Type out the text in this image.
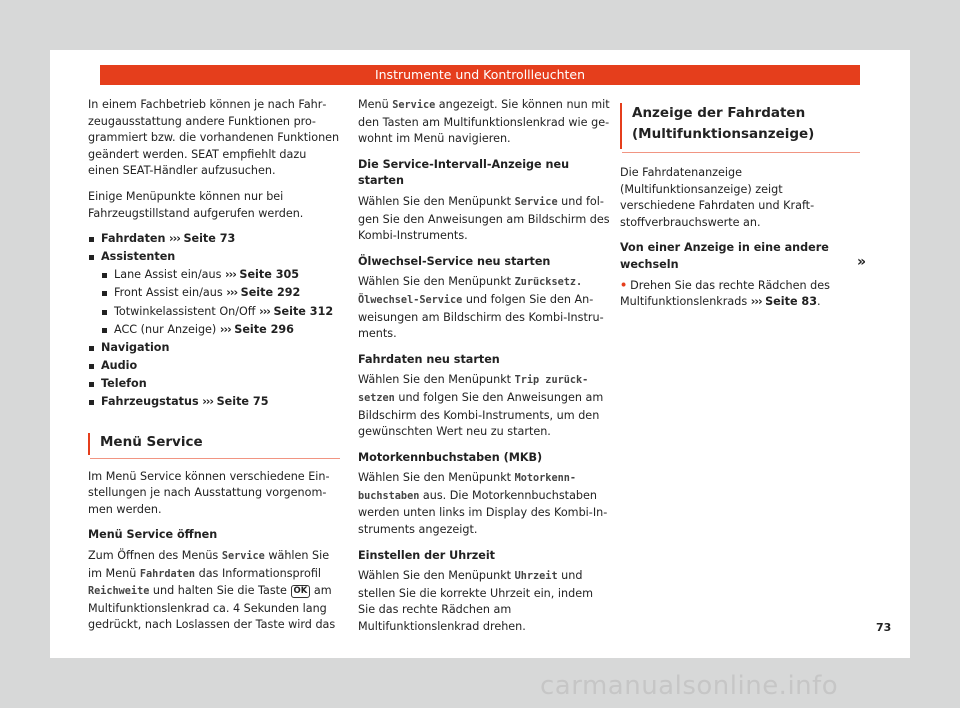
Instrumente und Kontrollleuchten

In einem Fachbetrieb können je nach Fahrzeugausstattung andere Funktionen programmiert bzw. die vorhandenen Funktionen geändert werden. SEAT empfiehlt dazu einen SEAT-Händler aufzusuchen.

Einige Menüpunkte können nur bei Fahrzeugstillstand aufgerufen werden.

Fahrdaten ››› Seite 73
Assistenten
Lane Assist ein/aus ››› Seite 305
Front Assist ein/aus ››› Seite 292
Totwinkelassistent On/Off ››› Seite 312
ACC (nur Anzeige) ››› Seite 296
Navigation
Audio
Telefon
Fahrzeugstatus ››› Seite 75
Menü Service

Im Menü Service können verschiedene Einstellungen je nach Ausstattung vorgenommen werden.

Menü Service öffnen

Zum Öffnen des Menüs Service wählen Sie im Menü Fahrdaten das Informationsprofil Reichweite und halten Sie die Taste OK am Multifunktionslenkrad ca. 4 Sekunden lang gedrückt, nach Loslassen der Taste wird das

Menü Service angezeigt. Sie können nun mit den Tasten am Multifunktionslenkrad wie gewohnt im Menü navigieren.

Die Service-Intervall-Anzeige neu starten

Wählen Sie den Menüpunkt Service und folgen Sie den Anweisungen am Bildschirm des Kombi-Instruments.

Ölwechsel-Service neu starten

Wählen Sie den Menüpunkt Zurücksetz.
Ölwechsel-Service und folgen Sie den Anweisungen am Bildschirm des Kombi-Instruments.

Fahrdaten neu starten

Wählen Sie den Menüpunkt Trip zurück-
setzen und folgen Sie den Anweisungen am Bildschirm des Kombi-Instruments, um den gewünschten Wert neu zu starten.

Motorkennbuchstaben (MKB)

Wählen Sie den Menüpunkt Motorkenn-
buchstaben aus. Die Motorkennbuchstaben werden unten links im Display des Kombi-Instruments angezeigt.

Einstellen der Uhrzeit

Wählen Sie den Menüpunkt Uhrzeit und stellen Sie die korrekte Uhrzeit ein, indem Sie das rechte Rädchen am Multifunktionslenkrad drehen.

Anzeige der Fahrdaten (Multifunktionsanzeige)

Die Fahrdatenanzeige (Multifunktionsanzeige) zeigt verschiedene Fahrdaten und Kraftstoffverbrauchswerte an.

Von einer Anzeige in eine andere wechseln

• Drehen Sie das rechte Rädchen des Multifunktionslenkrads ››› Seite 83.

»
73
carmanualsonline.info
